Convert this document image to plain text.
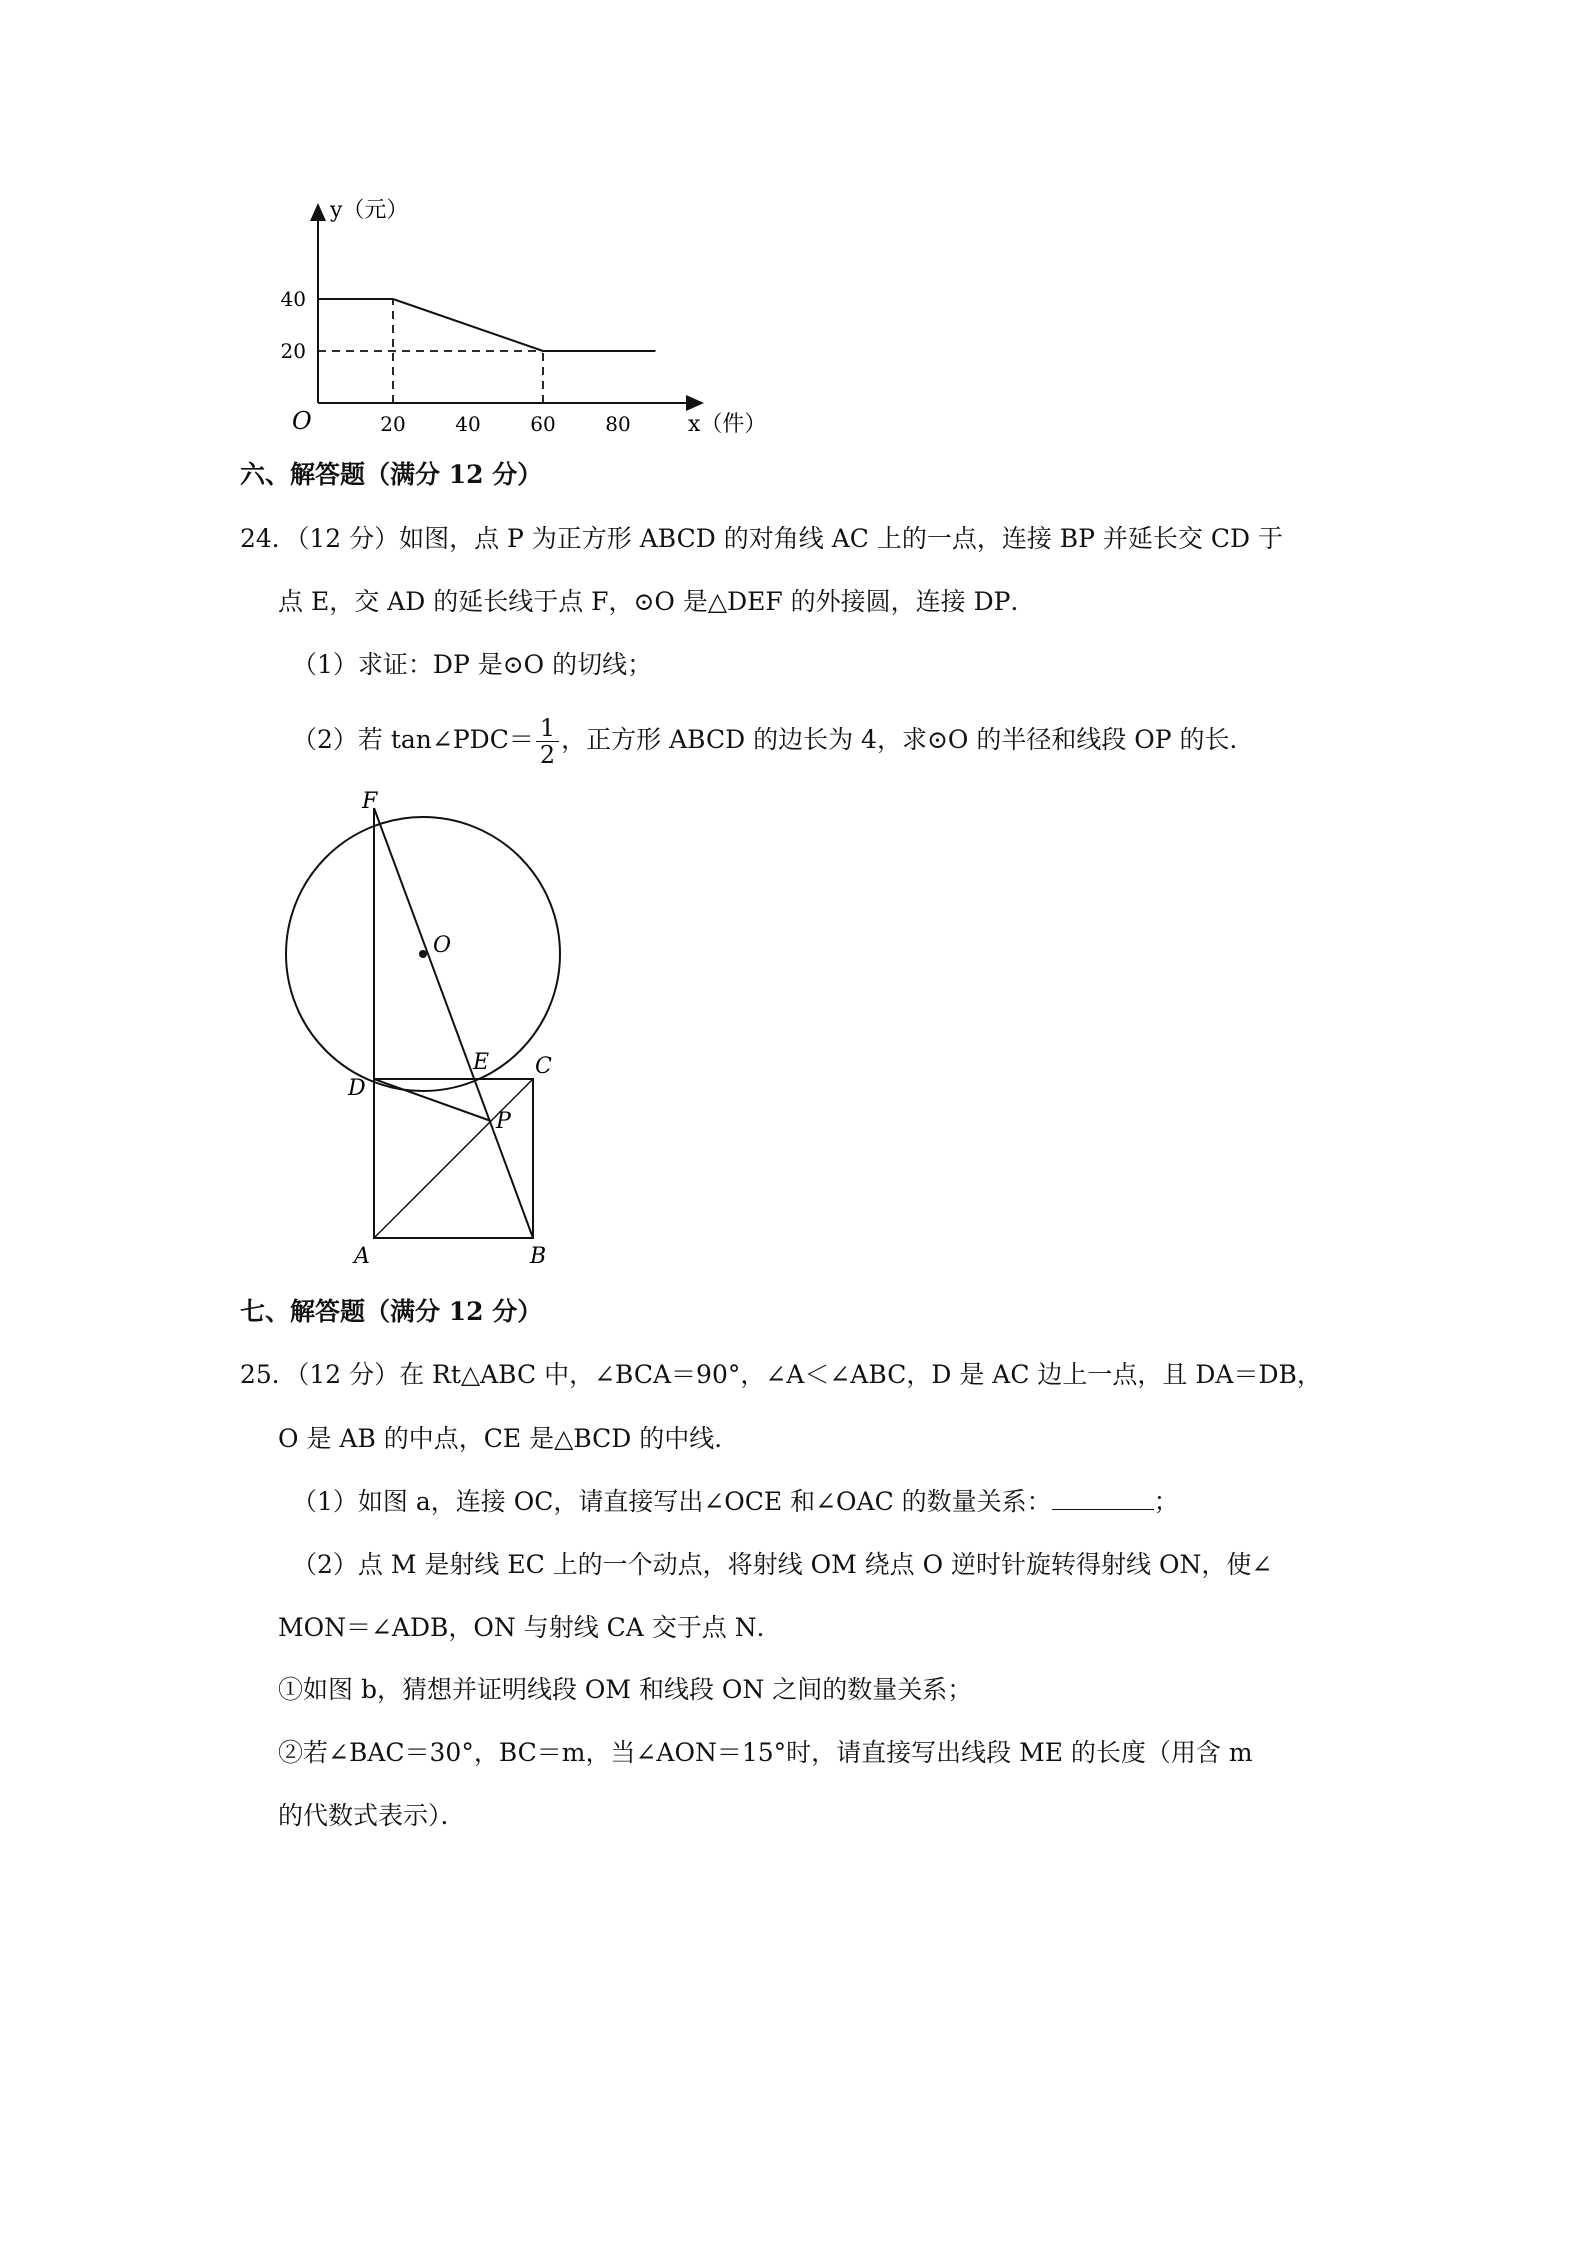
20 40 60 80
40
20
y（元）
x（件）
O
六、解答题（满分 12 分）
24．（12 分）如图，点 P 为正方形 ABCD 的对角线 AC 上的一点，连接 BP 并延长交 CD 于
点 E，交 AD 的延长线于点 F，⊙O 是△DEF 的外接圆，连接 DP．
（1）求证：DP 是⊙O 的切线；
（2）若 tan∠PDC＝ $\frac{1}{2}$ ，正方形 ABCD 的边长为 4，求⊙O 的半径和线段 OP 的长．
F
O
E C
D
P
A	B
七、解答题（满分 12 分）
25．（12 分）在 Rt△ABC 中，∠BCA＝90°，∠A＜∠ABC，D 是 AC 边上一点，且 DA＝DB，
O 是 AB 的中点，CE 是△BCD 的中线．
（1）如图 a，连接 OC，请直接写出∠OCE 和∠OAC 的数量关系：	；
（2）点 M 是射线 EC 上的一个动点，将射线 OM 绕点 O 逆时针旋转得射线 ON，使∠
MON＝∠ADB，ON 与射线 CA 交于点 N．
①如图 b，猜想并证明线段 OM 和线段 ON 之间的数量关系；
②若∠BAC＝30°，BC＝m，当∠AON＝15°时，请直接写出线段 ME 的长度（用含 m
的代数式表示）．
